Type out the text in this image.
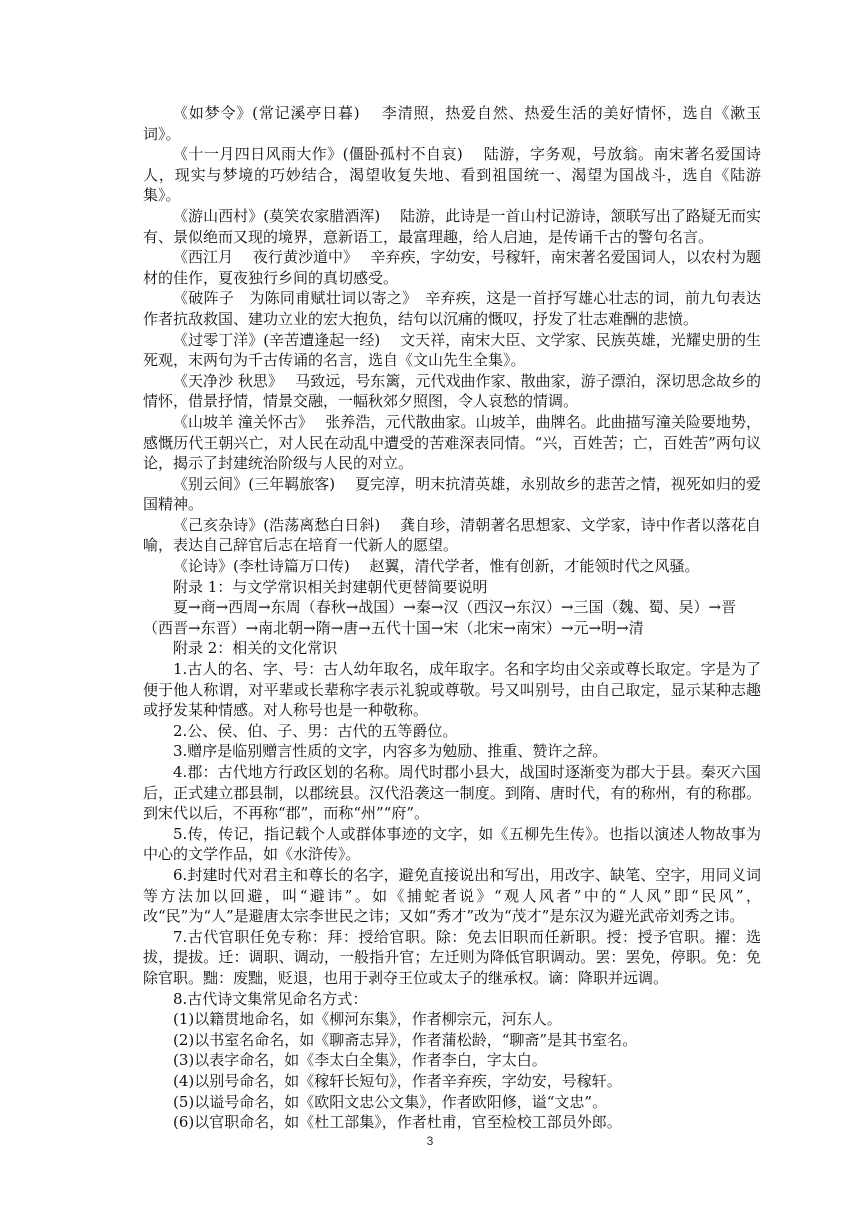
《如梦令》(常记溪亭日暮)　 李清照，热爱自然、热爱生活的美好情怀，选自《漱玉词》。

《十一月四日风雨大作》(僵卧孤村不自哀)　 陆游，字务观，号放翁。南宋著名爱国诗人，现实与梦境的巧妙结合，渴望收复失地、看到祖国统一、渴望为国战斗，选自《陆游集》。

《游山西村》(莫笑农家腊酒浑)　 陆游，此诗是一首山村记游诗，颔联写出了路疑无而实有、景似绝而又现的境界，意新语工，最富理趣，给人启迪，是传诵千古的警句名言。

《西江月　 夜行黄沙道中》　 辛弃疾，字幼安，号稼轩，南宋著名爱国词人，以农村为题材的佳作，夏夜独行乡间的真切感受。

《破阵子　为陈同甫赋壮词以寄之》　辛弃疾，这是一首抒写雄心壮志的词，前九句表达作者抗敌救国、建功立业的宏大抱负，结句以沉痛的慨叹，抒发了壮志难酬的悲愤。

《过零丁洋》(辛苦遭逢起一经)　 文天祥，南宋大臣、文学家、民族英雄，光耀史册的生死观，末两句为千古传诵的名言，选自《文山先生全集》。

《天净沙 秋思》　 马致远，号东篱，元代戏曲作家、散曲家，游子漂泊，深切思念故乡的情怀，借景抒情，情景交融，一幅秋郊夕照图，令人哀愁的情调。

《山坡羊 潼关怀古》　 张养浩，元代散曲家。山坡羊，曲牌名。此曲描写潼关险要地势，感慨历代王朝兴亡，对人民在动乱中遭受的苦难深表同情。“兴，百姓苦；亡，百姓苦”两句议论，揭示了封建统治阶级与人民的对立。

《别云间》(三年羁旅客)　 夏完淳，明末抗清英雄，永别故乡的悲苦之情，视死如归的爱国精神。

《己亥杂诗》(浩荡离愁白日斜)　 龚自珍，清朝著名思想家、文学家，诗中作者以落花自喻，表达自己辞官后志在培育一代新人的愿望。

《论诗》(李杜诗篇万口传)　 赵翼，清代学者，惟有创新，才能领时代之风骚。

附录 1：与文学常识相关封建朝代更替简要说明

夏→商→西周→东周（春秋→战国）→秦→汉（西汉→东汉）→三国（魏、蜀、吴）→晋（西晋→东晋）→南北朝→隋→唐→五代十国→宋（北宋→南宋）→元→明→清

附录 2：相关的文化常识

1.古人的名、字、号：古人幼年取名，成年取字。名和字均由父亲或尊长取定。字是为了便于他人称谓，对平辈或长辈称字表示礼貌或尊敬。号又叫别号，由自己取定，显示某种志趣或抒发某种情感。对人称号也是一种敬称。

2.公、侯、伯、子、男：古代的五等爵位。

3.赠序是临别赠言性质的文字，内容多为勉励、推重、赞许之辞。

4.郡：古代地方行政区划的名称。周代时郡小县大，战国时逐渐变为郡大于县。秦灭六国后，正式建立郡县制，以郡统县。汉代沿袭这一制度。到隋、唐时代，有的称州，有的称郡。到宋代以后，不再称“郡”，而称“州”“府”。

5.传，传记，指记载个人或群体事迹的文字，如《五柳先生传》。也指以演述人物故事为中心的文学作品，如《水浒传》。

6.封建时代对君主和尊长的名字，避免直接说出和写出，用改字、缺笔、空字，用同义词等方法加以回避，叫“避讳”。如《捕蛇者说》“观人风者”中的“人风”即“民风”，改“民”为“人”是避唐太宗李世民之讳；又如“秀才”改为“茂才”是东汉为避光武帝刘秀之讳。

7.古代官职任免专称：拜：授给官职。除：免去旧职而任新职。授：授予官职。擢：选拔，提拔。迁：调职、调动，一般指升官；左迁则为降低官职调动。罢：罢免，停职。免：免除官职。黜：废黜，贬退，也用于剥夺王位或太子的继承权。谪：降职并远调。

8.古代诗文集常见命名方式：

(1)以籍贯地命名，如《柳河东集》，作者柳宗元，河东人。

(2)以书室名命名，如《聊斋志异》，作者蒲松龄，“聊斋”是其书室名。

(3)以表字命名，如《李太白全集》，作者李白，字太白。

(4)以别号命名，如《稼轩长短句》，作者辛弃疾，字幼安，号稼轩。

(5)以谥号命名，如《欧阳文忠公文集》，作者欧阳修，谥“文忠”。

(6)以官职命名，如《杜工部集》，作者杜甫，官至检校工部员外郎。

3
